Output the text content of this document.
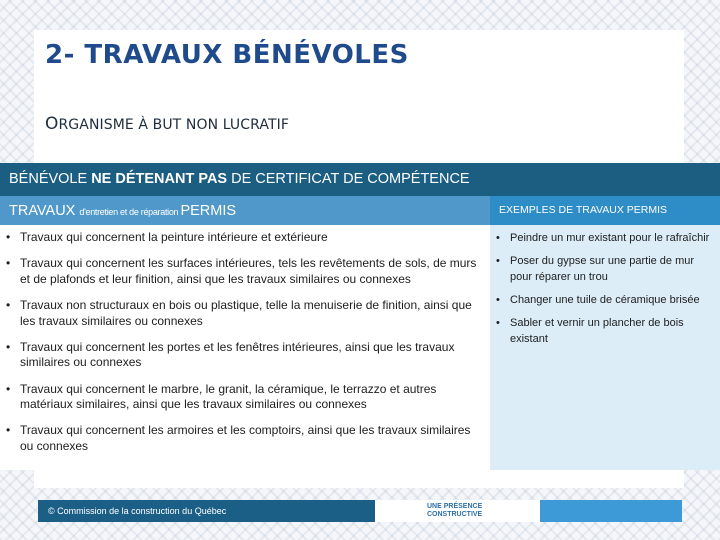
2- TRAVAUX BÉNÉVOLES

ORGANISME À BUT NON LUCRATIF

BÉNÉVOLE NE DÉTENANT PAS DE CERTIFICAT DE COMPÉTENCE
TRAVAUX d'entretien et de réparation PERMIS
• Travaux qui concernent la peinture intérieure et extérieure
• Travaux qui concernent les surfaces intérieures, tels les revêtements de sols, de murs et de plafonds et leur finition, ainsi que les travaux similaires ou connexes
• Travaux non structuraux en bois ou plastique, telle la menuiserie de finition, ainsi que les travaux similaires ou connexes
• Travaux qui concernent les portes et les fenêtres intérieures, ainsi que les travaux similaires ou connexes
• Travaux qui concernent le marbre, le granit, la céramique, le terrazzo et autres matériaux similaires, ainsi que les travaux similaires ou connexes
• Travaux qui concernent les armoires et les comptoirs, ainsi que les travaux similaires ou connexes
EXEMPLES DE TRAVAUX PERMIS
• Peindre un mur existant pour le rafraîchir
• Poser du gypse sur une partie de mur pour réparer un trou
• Changer une tuile de céramique brisée
• Sabler et vernir un plancher de bois existant
© Commission de la construction du Québec	UNE PRÉSENCE
CONSTRUCTIVE
